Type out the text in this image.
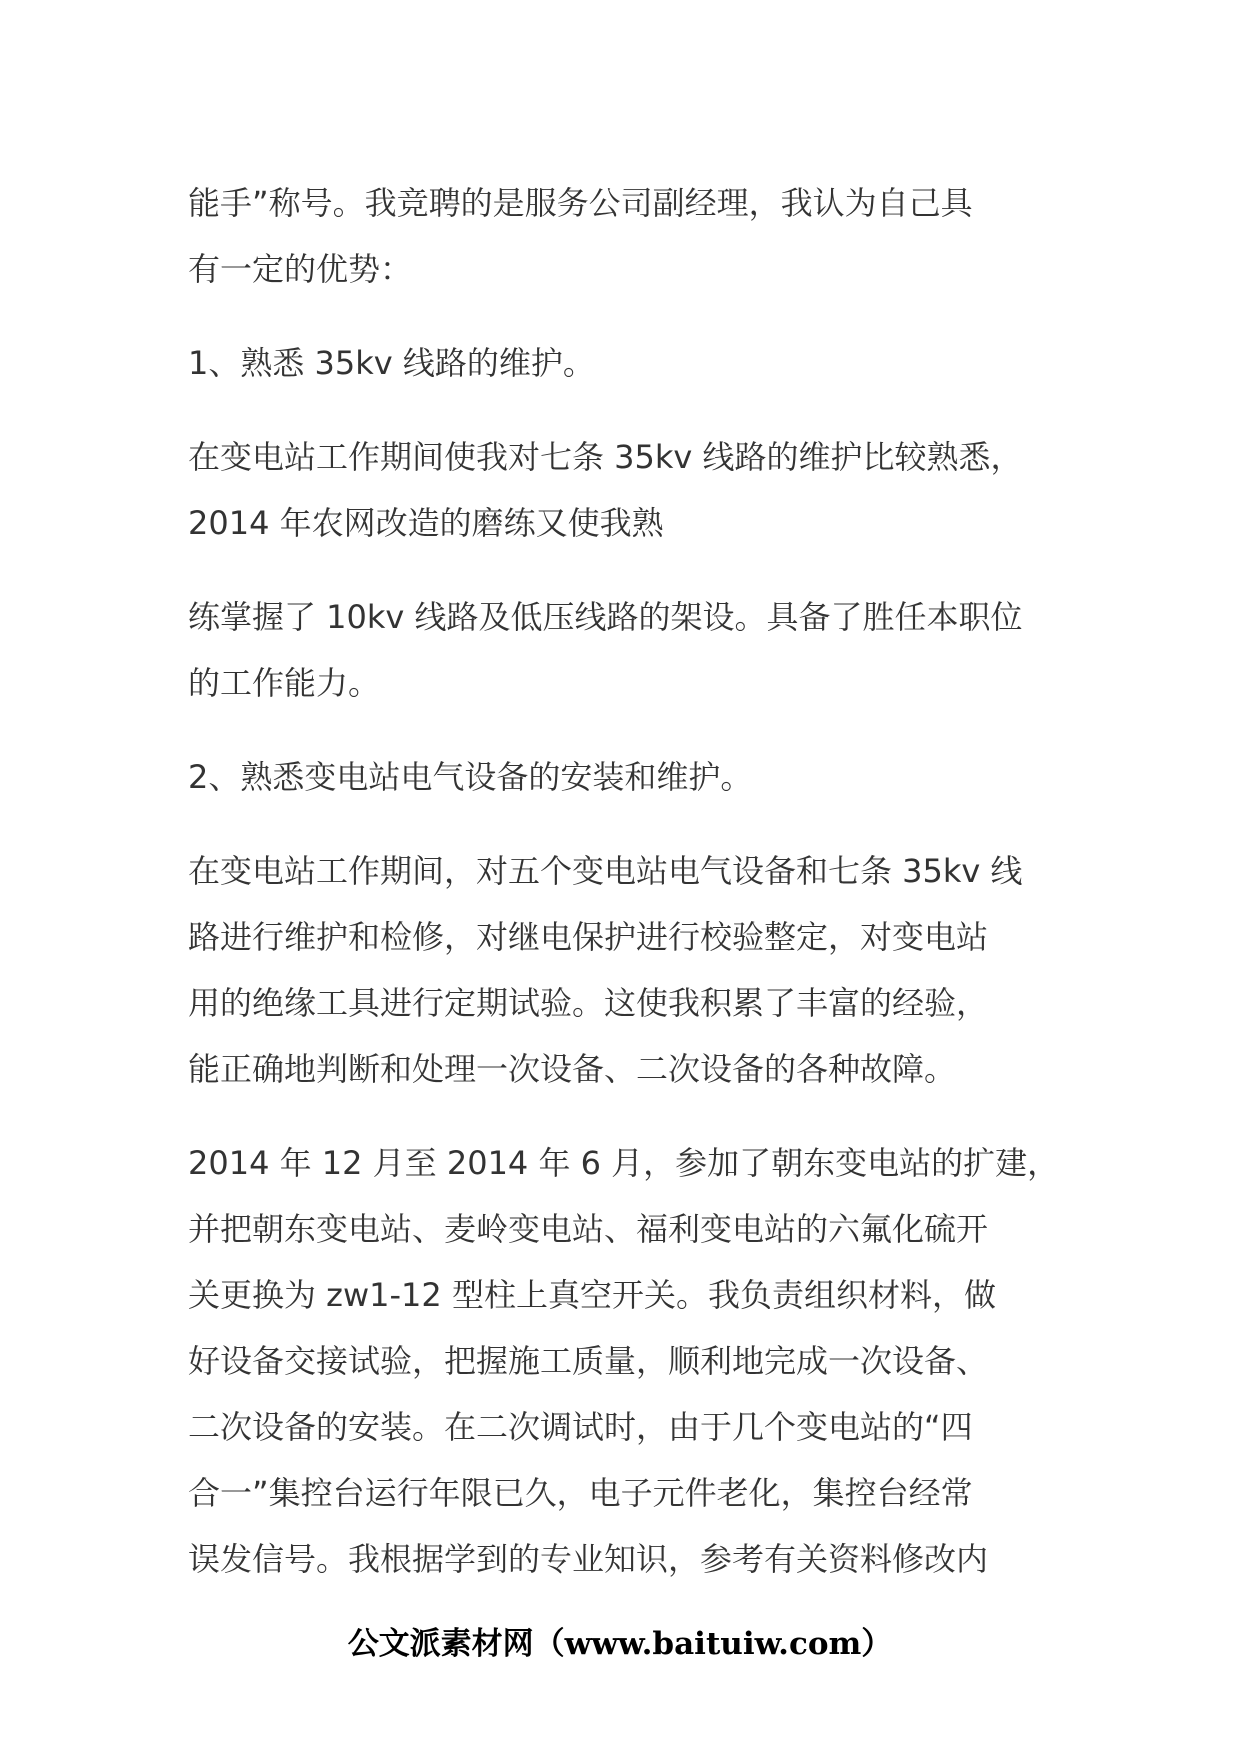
能手”称号。我竞聘的是服务公司副经理，我认为自己具
有一定的优势：
1、熟悉 35kv 线路的维护。
在变电站工作期间使我对七条 35kv 线路的维护比较熟悉，
2014 年农网改造的磨练又使我熟
练掌握了 10kv 线路及低压线路的架设。具备了胜任本职位
的工作能力。
2、熟悉变电站电气设备的安装和维护。
在变电站工作期间，对五个变电站电气设备和七条 35kv 线
路进行维护和检修，对继电保护进行校验整定，对变电站
用的绝缘工具进行定期试验。这使我积累了丰富的经验，
能正确地判断和处理一次设备、二次设备的各种故障。
2014 年 12 月至 2014 年 6 月，参加了朝东变电站的扩建，
并把朝东变电站、麦岭变电站、福利变电站的六氟化硫开
关更换为 zw1-12 型柱上真空开关。我负责组织材料，做
好设备交接试验，把握施工质量，顺利地完成一次设备、
二次设备的安装。在二次调试时，由于几个变电站的“四
合一”集控台运行年限已久，电子元件老化，集控台经常
误发信号。我根据学到的专业知识，参考有关资料修改内
公文派素材网（www.baituiw.com）
